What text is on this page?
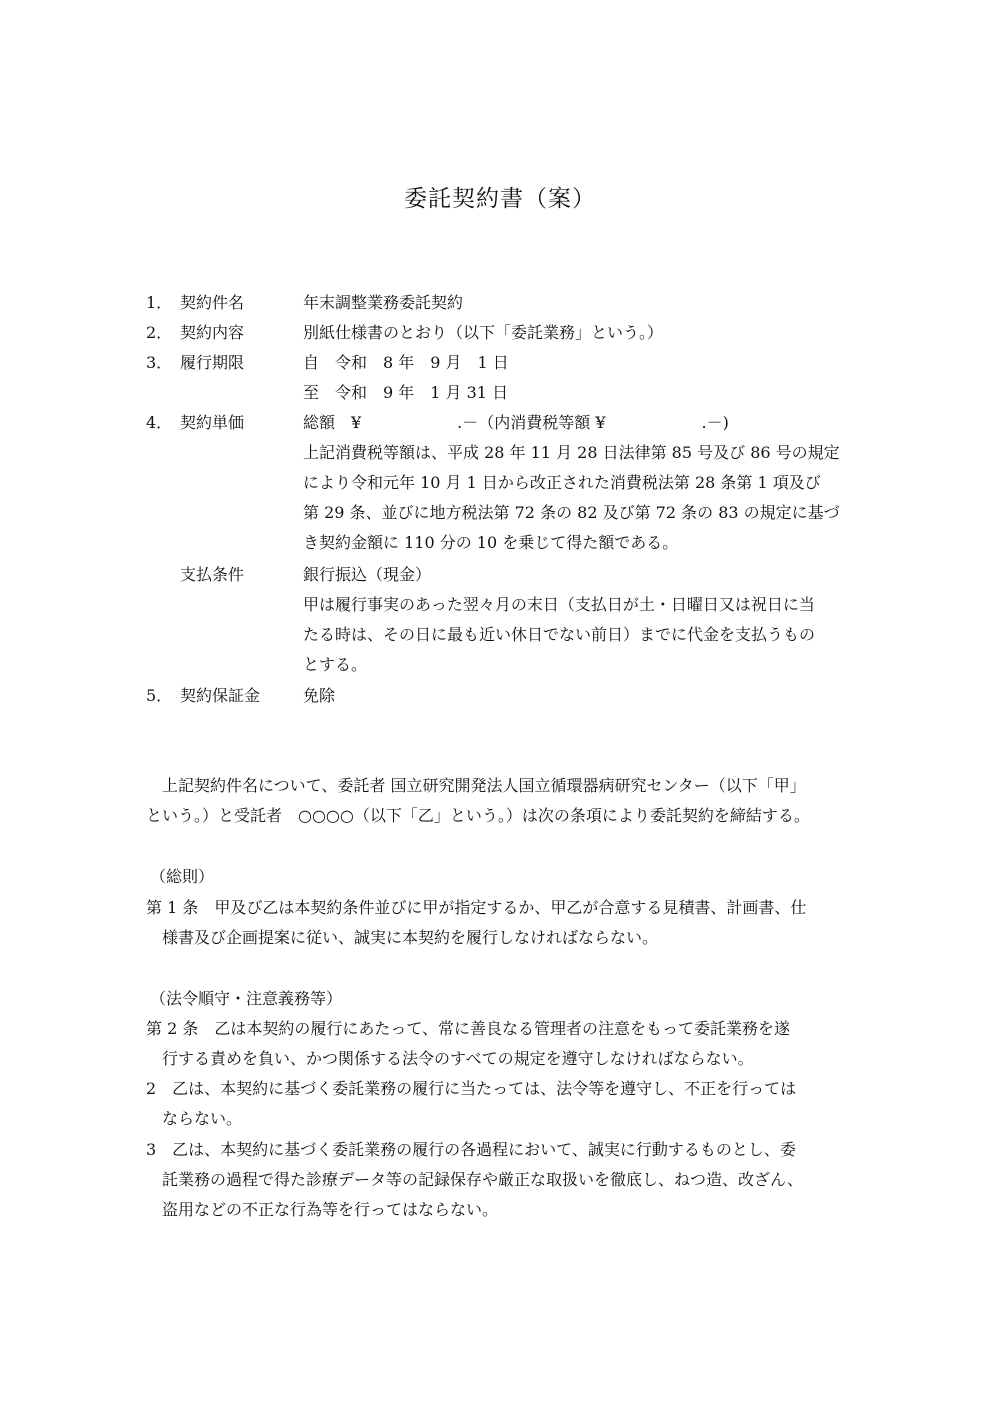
委託契約書（案）
1． 契約件名	年末調整業務委託契約
2． 契約内容	別紙仕様書のとおり（以下「委託業務」という。）
3． 履行期限	自　令和　8 年　9 月　1 日
至　令和　9 年　1 月 31 日
4． 契約単価	総額　¥　　　　　　.－（内消費税等額 ¥　　　　　　.－)
上記消費税等額は、平成 28 年 11 月 28 日法律第 85 号及び 86 号の規定
により令和元年 10 月 1 日から改正された消費税法第 28 条第 1 項及び
第 29 条、並びに地方税法第 72 条の 82 及び第 72 条の 83 の規定に基づ
き契約金額に 110 分の 10 を乗じて得た額である。
支払条件	銀行振込（現金）
甲は履行事実のあった翌々月の末日（支払日が土・日曜日又は祝日に当
たる時は、その日に最も近い休日でない前日）までに代金を支払うもの
とする。
5． 契約保証金	免除
上記契約件名について、委託者 国立研究開発法人国立循環器病研究センター（以下「甲」
という。）と受託者　○○○○（以下「乙」という。）は次の条項により委託契約を締結する。
（総則）
第 1 条　甲及び乙は本契約条件並びに甲が指定するか、甲乙が合意する見積書、計画書、仕
様書及び企画提案に従い、誠実に本契約を履行しなければならない。
（法令順守・注意義務等）
第 2 条　乙は本契約の履行にあたって、常に善良なる管理者の注意をもって委託業務を遂
行する責めを負い、かつ関係する法令のすべての規定を遵守しなければならない。
2　乙は、本契約に基づく委託業務の履行に当たっては、法令等を遵守し、不正を行っては
ならない。
3　乙は、本契約に基づく委託業務の履行の各過程において、誠実に行動するものとし、委
託業務の過程で得た診療データ等の記録保存や厳正な取扱いを徹底し、ねつ造、改ざん、
盗用などの不正な行為等を行ってはならない。
